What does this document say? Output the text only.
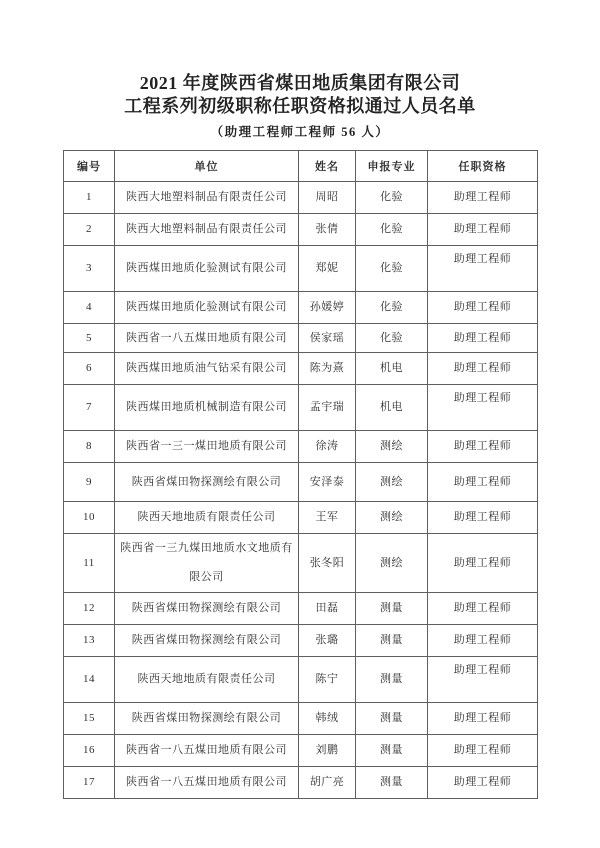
2021 年度陕西省煤田地质集团有限公司
工程系列初级职称任职资格拟通过人员名单
（助理工程师工程师 56 人）
编号	单位	姓名	申报专业	任职资格
1	陕西大地塑料制品有限责任公司	周昭	化验	助理工程师
2	陕西大地塑料制品有限责任公司	张倩	化验	助理工程师
3	陕西煤田地质化验测试有限公司	郑妮	化验	助理工程师
4	陕西煤田地质化验测试有限公司	孙媛婷	化验	助理工程师
5	陕西省一八五煤田地质有限公司	侯家瑶	化验	助理工程师
6	陕西煤田地质油气钻采有限公司	陈为熹	机电	助理工程师
7	陕西煤田地质机械制造有限公司	孟宇瑞	机电	助理工程师
8	陕西省一三一煤田地质有限公司	徐涛	测绘	助理工程师
9	陕西省煤田物探测绘有限公司	安泽泰	测绘	助理工程师
10	陕西天地地质有限责任公司	王军	测绘	助理工程师
11	陕西省一三九煤田地质水文地质有限公司	张冬阳	测绘	助理工程师
12	陕西省煤田物探测绘有限公司	田磊	测量	助理工程师
13	陕西省煤田物探测绘有限公司	张璐	测量	助理工程师
14	陕西天地地质有限责任公司	陈宁	测量	助理工程师
15	陕西省煤田物探测绘有限公司	韩绒	测量	助理工程师
16	陕西省一八五煤田地质有限公司	刘鹏	测量	助理工程师
17	陕西省一八五煤田地质有限公司	胡广亮	测量	助理工程师
